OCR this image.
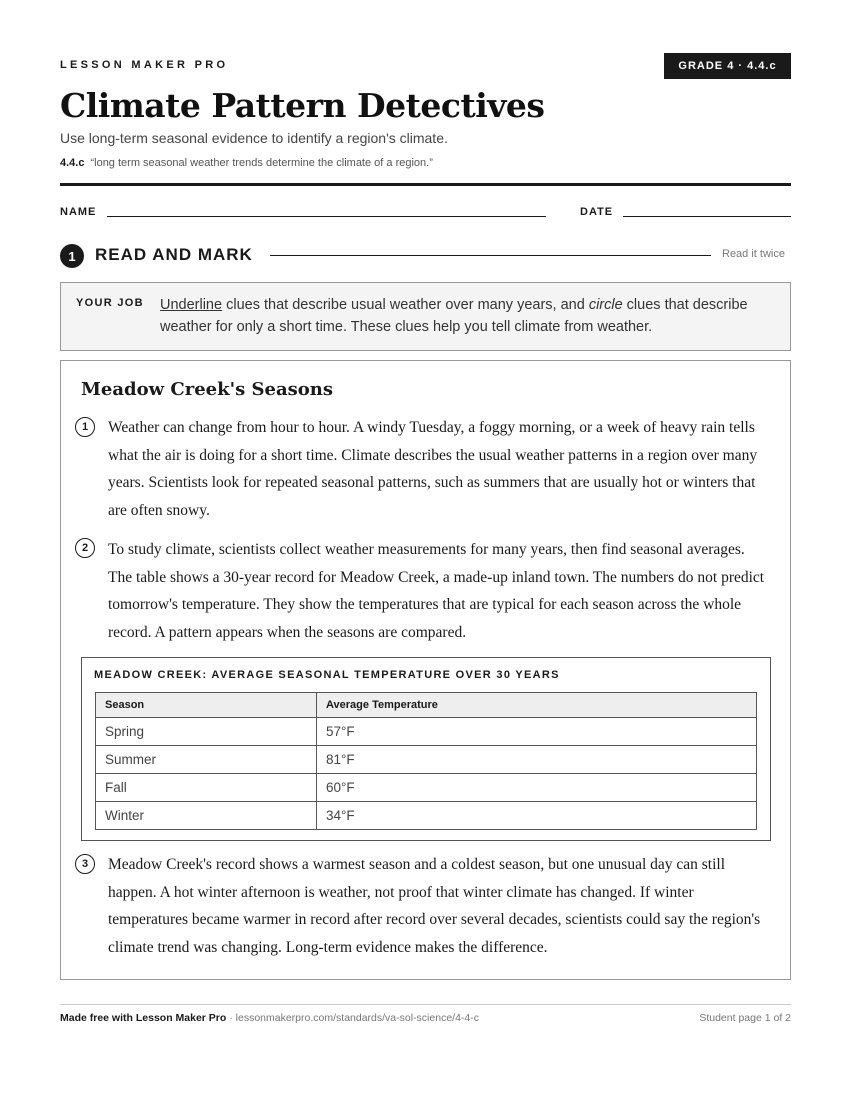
LESSON MAKER PRO	GRADE 4 · 4.4.c
Climate Pattern Detectives
Use long-term seasonal evidence to identify a region's climate.
4.4.c “long term seasonal weather trends determine the climate of a region.”
NAME	DATE
1	READ AND MARK	Read it twice
YOUR JOB Underline clues that describe usual weather over many years, and circle clues that describe weather for only a short time. These clues help you tell climate from weather.
Meadow Creek's Seasons
1	Weather can change from hour to hour. A windy Tuesday, a foggy morning, or a week of heavy rain tells what the air is doing for a short time. Climate describes the usual weather patterns in a region over many years. Scientists look for repeated seasonal patterns, such as summers that are usually hot or winters that are often snowy.

2	To study climate, scientists collect weather measurements for many years, then find seasonal averages. The table shows a 30-year record for Meadow Creek, a made-up inland town. The numbers do not predict tomorrow's temperature. They show the temperatures that are typical for each season across the whole record. A pattern appears when the seasons are compared.

MEADOW CREEK: AVERAGE SEASONAL TEMPERATURE OVER 30 YEARS
Season	Average Temperature
Spring	57°F
Summer	81°F
Fall	60°F
Winter	34°F
3	Meadow Creek's record shows a warmest season and a coldest season, but one unusual day can still happen. A hot winter afternoon is weather, not proof that winter climate has changed. If winter temperatures became warmer in record after record over several decades, scientists could say the region's climate trend was changing. Long-term evidence makes the difference.

Made free with Lesson Maker Pro · lessonmakerpro.com/standards/va-sol-science/4-4-c	Student page 1 of 2
